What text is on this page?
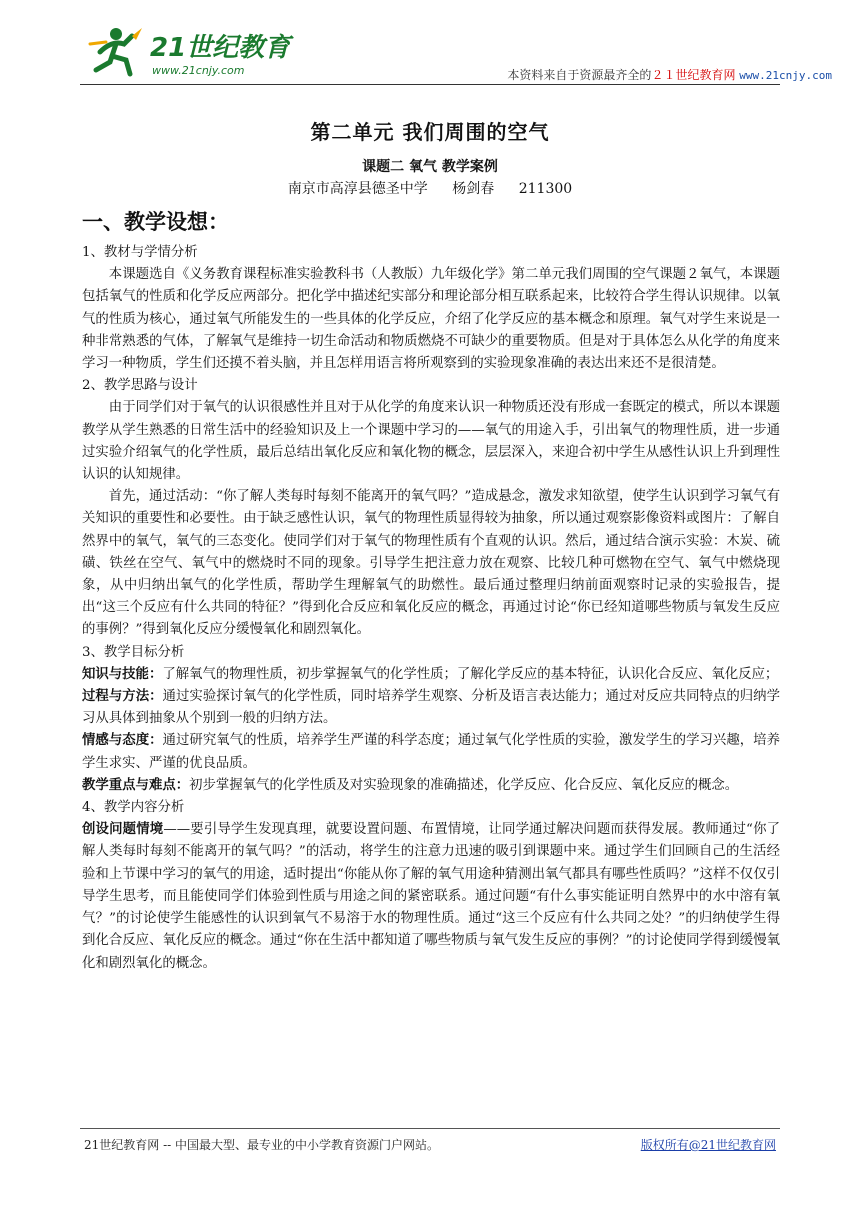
21世纪教育
www.21cnjy.com	本资料来自于资源最齐全的２１世纪教育网 www.21cnjy.com
第二单元 我们周围的空气
课题二 氧气 教学案例
南京市高淳县德圣中学 杨剑春 211300
一、教学设想：

1、教材与学情分析

本课题选自《义务教育课程标准实验教科书（人教版）九年级化学》第二单元我们周围的空气课题２氧气，本课题包括氧气的性质和化学反应两部分。把化学中描述纪实部分和理论部分相互联系起来，比较符合学生得认识规律。以氧气的性质为核心，通过氧气所能发生的一些具体的化学反应，介绍了化学反应的基本概念和原理。氧气对学生来说是一种非常熟悉的气体，了解氧气是维持一切生命活动和物质燃烧不可缺少的重要物质。但是对于具体怎么从化学的角度来学习一种物质，学生们还摸不着头脑，并且怎样用语言将所观察到的实验现象准确的表达出来还不是很清楚。

2、教学思路与设计

由于同学们对于氧气的认识很感性并且对于从化学的角度来认识一种物质还没有形成一套既定的模式，所以本课题教学从学生熟悉的日常生活中的经验知识及上一个课题中学习的——氧气的用途入手，引出氧气的物理性质，进一步通过实验介绍氧气的化学性质，最后总结出氧化反应和氧化物的概念，层层深入，来迎合初中学生从感性认识上升到理性认识的认知规律。

首先，通过活动：“你了解人类每时每刻不能离开的氧气吗？”造成悬念，激发求知欲望，使学生认识到学习氧气有关知识的重要性和必要性。由于缺乏感性认识，氧气的物理性质显得较为抽象，所以通过观察影像资料或图片：了解自然界中的氧气，氧气的三态变化。使同学们对于氧气的物理性质有个直观的认识。然后，通过结合演示实验：木炭、硫磺、铁丝在空气、氧气中的燃烧时不同的现象。引导学生把注意力放在观察、比较几种可燃物在空气、氧气中燃烧现象，从中归纳出氧气的化学性质，帮助学生理解氧气的助燃性。最后通过整理归纳前面观察时记录的实验报告，提出“这三个反应有什么共同的特征？”得到化合反应和氧化反应的概念，再通过讨论“你已经知道哪些物质与氧发生反应的事例？”得到氧化反应分缓慢氧化和剧烈氧化。

3、教学目标分析

知识与技能：了解氧气的物理性质，初步掌握氧气的化学性质；了解化学反应的基本特征，认识化合反应、氧化反应；

过程与方法：通过实验探讨氧气的化学性质，同时培养学生观察、分析及语言表达能力；通过对反应共同特点的归纳学习从具体到抽象从个别到一般的归纳方法。

情感与态度：通过研究氧气的性质，培养学生严谨的科学态度；通过氧气化学性质的实验，激发学生的学习兴趣，培养学生求实、严谨的优良品质。

教学重点与难点：初步掌握氧气的化学性质及对实验现象的准确描述，化学反应、化合反应、氧化反应的概念。

4、教学内容分析

创设问题情境——要引导学生发现真理，就要设置问题、布置情境，让同学通过解决问题而获得发展。教师通过“你了解人类每时每刻不能离开的氧气吗？”的活动，将学生的注意力迅速的吸引到课题中来。通过学生们回顾自己的生活经验和上节课中学习的氧气的用途，适时提出“你能从你了解的氧气用途种猜测出氧气都具有哪些性质吗？”这样不仅仅引导学生思考，而且能使同学们体验到性质与用途之间的紧密联系。通过问题“有什么事实能证明自然界中的水中溶有氧气？”的讨论使学生能感性的认识到氧气不易溶于水的物理性质。通过“这三个反应有什么共同之处？”的归纳使学生得到化合反应、氧化反应的概念。通过“你在生活中都知道了哪些物质与氧气发生反应的事例？”的讨论使同学得到缓慢氧化和剧烈氧化的概念。

21世纪教育网 -- 中国最大型、最专业的中小学教育资源门户网站。	版权所有@21世纪教育网
